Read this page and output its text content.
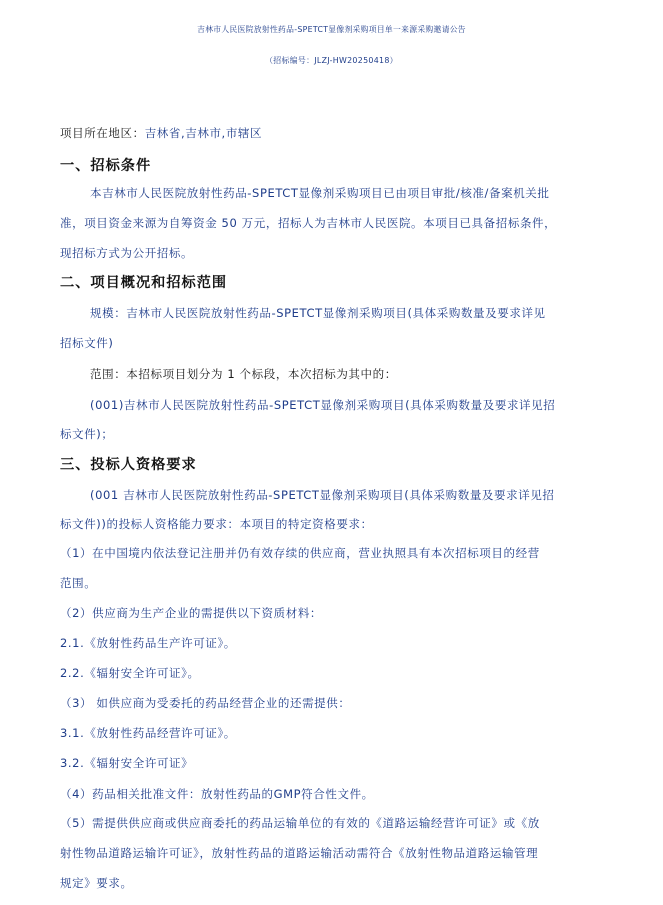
吉林市人民医院放射性药品-SPETCT显像剂采购项目单一来源采购邀请公告
（招标编号：JLZJ-HW20250418）
项目所在地区：吉林省,吉林市,市辖区
一、招标条件
本吉林市人民医院放射性药品-SPETCT显像剂采购项目已由项目审批/核准/备案机关批
准，项目资金来源为自筹资金 50 万元，招标人为吉林市人民医院。本项目已具备招标条件，
现招标方式为公开招标。
二、项目概况和招标范围
规模：吉林市人民医院放射性药品-SPETCT显像剂采购项目(具体采购数量及要求详见
招标文件)
范围：本招标项目划分为 1 个标段，本次招标为其中的：
(001)吉林市人民医院放射性药品-SPETCT显像剂采购项目(具体采购数量及要求详见招
标文件)；
三、投标人资格要求
(001 吉林市人民医院放射性药品-SPETCT显像剂采购项目(具体采购数量及要求详见招
标文件))的投标人资格能力要求：本项目的特定资格要求：
（1）在中国境内依法登记注册并仍有效存续的供应商，营业执照具有本次招标项目的经营
范围。
（2）供应商为生产企业的需提供以下资质材料：
2.1.《放射性药品生产许可证》。
2.2.《辐射安全许可证》。
（3） 如供应商为受委托的药品经营企业的还需提供：
3.1.《放射性药品经营许可证》。
3.2.《辐射安全许可证》
（4）药品相关批准文件：放射性药品的GMP符合性文件。
（5）需提供供应商或供应商委托的药品运输单位的有效的《道路运输经营许可证》或《放
射性物品道路运输许可证》，放射性药品的道路运输活动需符合《放射性物品道路运输管理
规定》要求。
